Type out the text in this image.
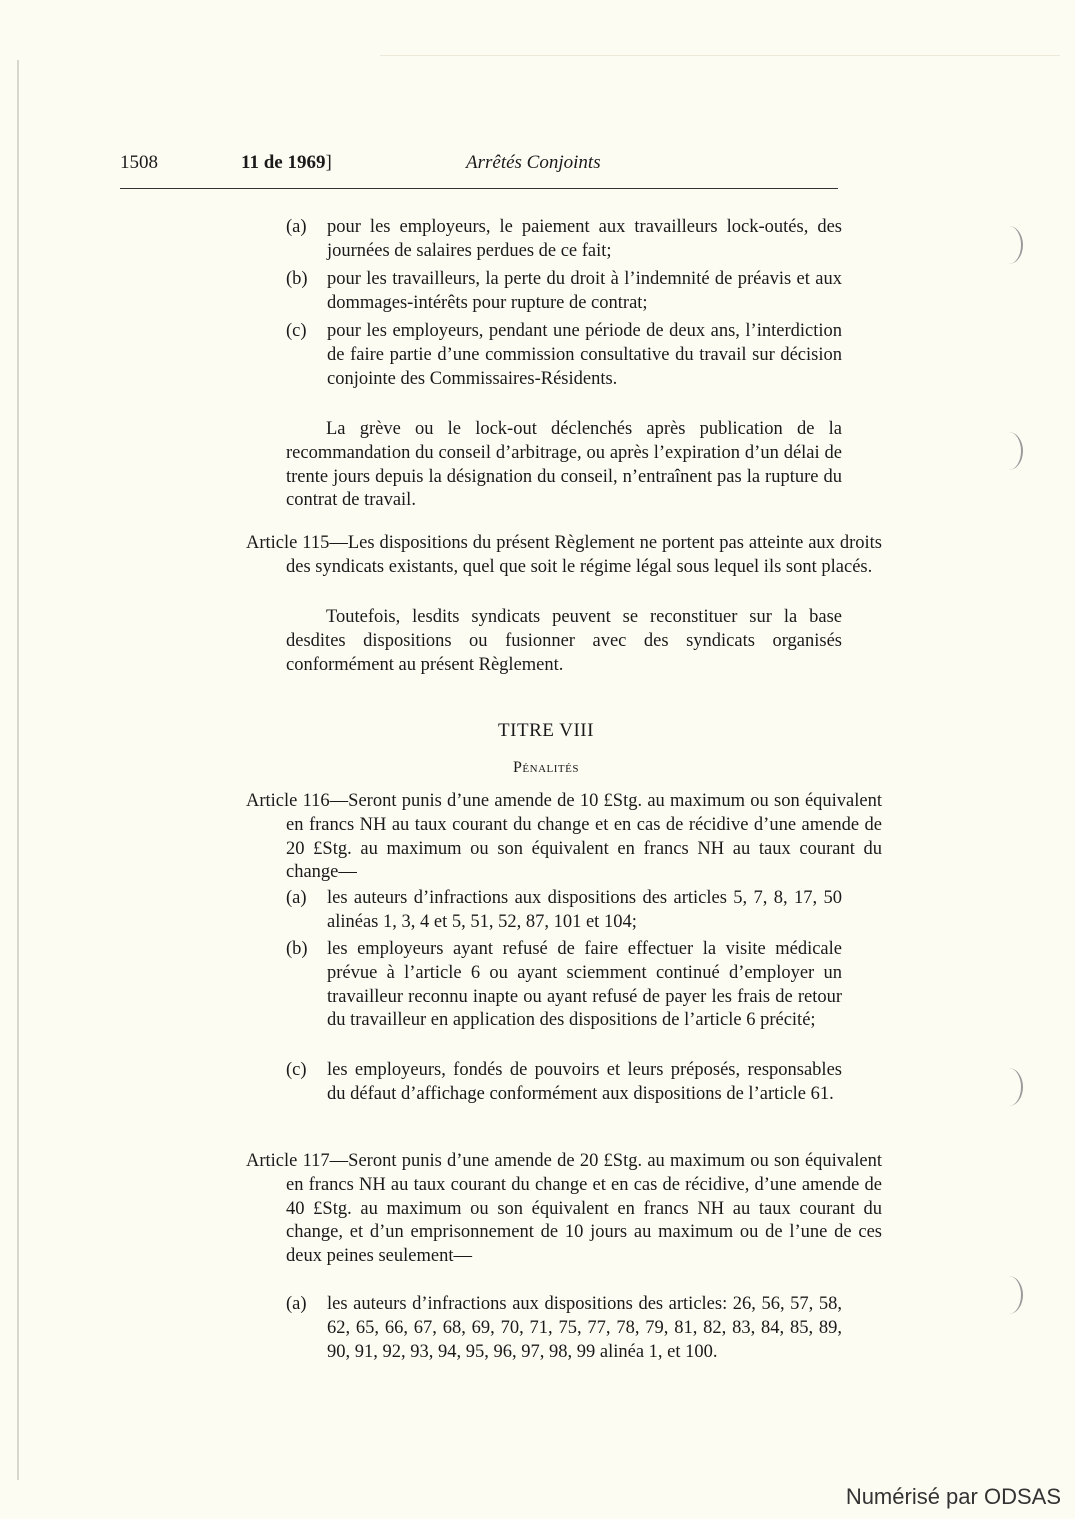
1508	11 de 1969]	Arrêtés Conjoints
(a) pour les employeurs, le paiement aux travailleurs lock-outés, des journées de salaires perdues de ce fait;
(b) pour les travailleurs, la perte du droit à l’indemnité de préavis et aux dommages-intérêts pour rupture de contrat;
(c) pour les employeurs, pendant une période de deux ans, l’interdiction de faire partie d’une commission consultative du travail sur décision conjointe des Commissaires-Résidents.
La grève ou le lock-out déclenchés après publication de la recommandation du conseil d’arbitrage, ou après l’expiration d’un délai de trente jours depuis la désignation du conseil, n’entraînent pas la rupture du contrat de travail.
Article 115—Les dispositions du présent Règlement ne portent pas atteinte aux droits des syndicats existants, quel que soit le régime légal sous lequel ils sont placés.
Toutefois, lesdits syndicats peuvent se reconstituer sur la base desdites dispositions ou fusionner avec des syndicats organisés conformément au présent Règlement.
TITRE VIII
Pénalités
Article 116—Seront punis d’une amende de 10 £Stg. au maximum ou son équivalent en francs NH au taux courant du change et en cas de récidive d’une amende de 20 £Stg. au maximum ou son équivalent en francs NH au taux courant du change—
(a) les auteurs d’infractions aux dispositions des articles 5, 7, 8, 17, 50 alinéas 1, 3, 4 et 5, 51, 52, 87, 101 et 104;
(b) les employeurs ayant refusé de faire effectuer la visite médicale prévue à l’article 6 ou ayant sciemment continué d’employer un travailleur reconnu inapte ou ayant refusé de payer les frais de retour du travailleur en application des dispositions de l’article 6 précité;
(c) les employeurs, fondés de pouvoirs et leurs préposés, responsables du défaut d’affichage conformément aux dispositions de l’article 61.
Article 117—Seront punis d’une amende de 20 £Stg. au maximum ou son équivalent en francs NH au taux courant du change et en cas de récidive, d’une amende de 40 £Stg. au maximum ou son équivalent en francs NH au taux courant du change, et d’un emprisonnement de 10 jours au maximum ou de l’une de ces deux peines seulement—
(a) les auteurs d’infractions aux dispositions des articles: 26, 56, 57, 58, 62, 65, 66, 67, 68, 69, 70, 71, 75, 77, 78, 79, 81, 82, 83, 84, 85, 89, 90, 91, 92, 93, 94, 95, 96, 97, 98, 99 alinéa 1, et 100.
Numérisé par ODSAS
